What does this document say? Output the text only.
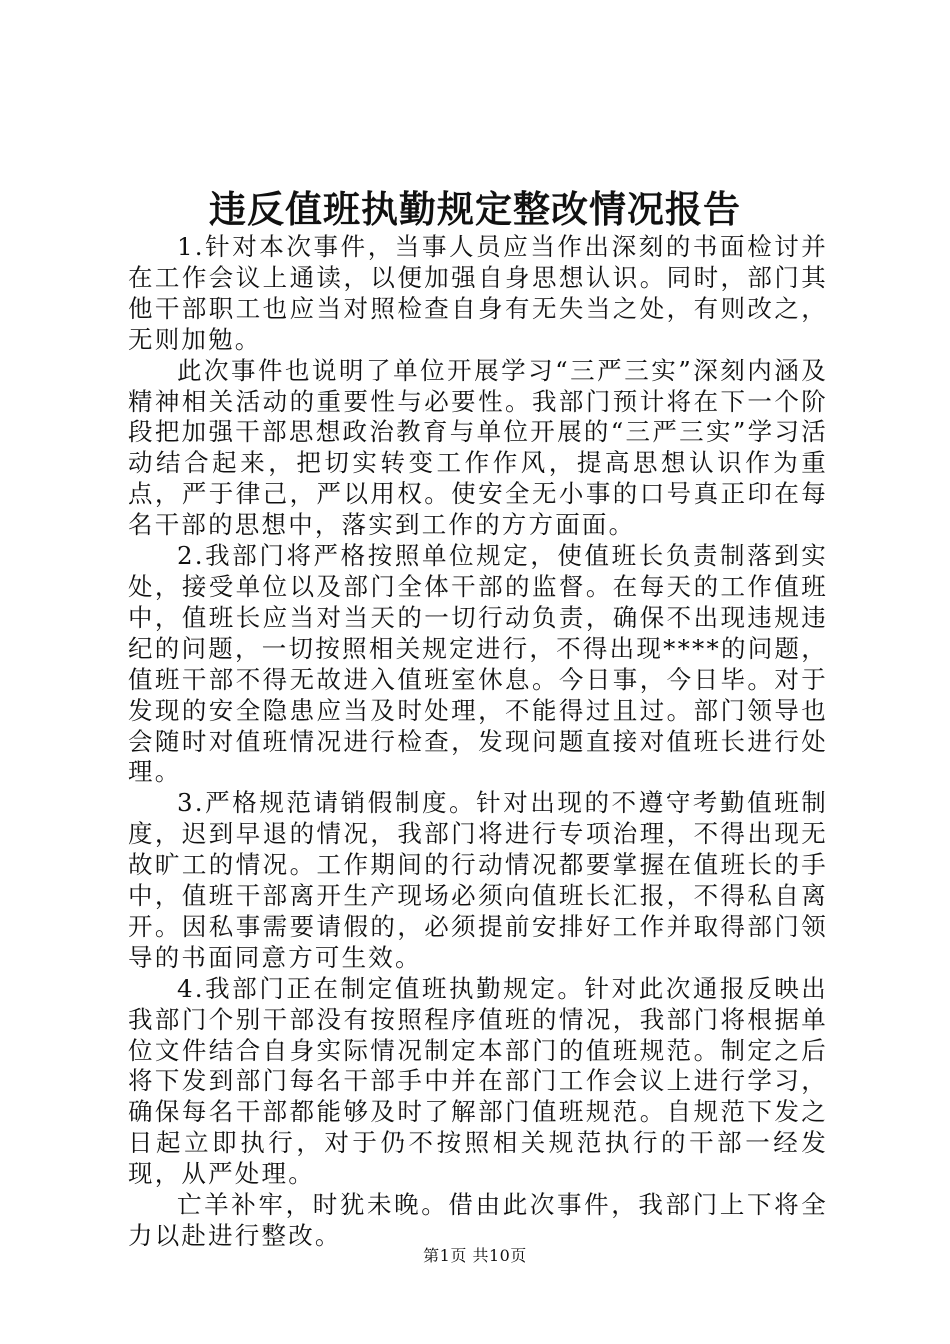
违反值班执勤规定整改情况报告

1.针对本次事件，当事人员应当作出深刻的书面检讨并在工作会议上通读，以便加强自身思想认识。同时，部门其他干部职工也应当对照检查自身有无失当之处，有则改之，无则加勉。

此次事件也说明了单位开展学习“三严三实”深刻内涵及精神相关活动的重要性与必要性。我部门预计将在下一个阶段把加强干部思想政治教育与单位开展的“三严三实”学习活动结合起来，把切实转变工作作风，提高思想认识作为重点，严于律己，严以用权。使安全无小事的口号真正印在每名干部的思想中，落实到工作的方方面面。

2.我部门将严格按照单位规定，使值班长负责制落到实处，接受单位以及部门全体干部的监督。在每天的工作值班中，值班长应当对当天的一切行动负责，确保不出现违规违纪的问题，一切按照相关规定进行，不得出现****的问题，值班干部不得无故进入值班室休息。今日事，今日毕。对于发现的安全隐患应当及时处理，不能得过且过。部门领导也会随时对值班情况进行检查，发现问题直接对值班长进行处理。

3.严格规范请销假制度。针对出现的不遵守考勤值班制度，迟到早退的情况，我部门将进行专项治理，不得出现无故旷工的情况。工作期间的行动情况都要掌握在值班长的手中，值班干部离开生产现场必须向值班长汇报，不得私自离开。因私事需要请假的，必须提前安排好工作并取得部门领导的书面同意方可生效。

4.我部门正在制定值班执勤规定。针对此次通报反映出我部门个别干部没有按照程序值班的情况，我部门将根据单位文件结合自身实际情况制定本部门的值班规范。制定之后将下发到部门每名干部手中并在部门工作会议上进行学习，确保每名干部都能够及时了解部门值班规范。自规范下发之日起立即执行，对于仍不按照相关规范执行的干部一经发现，从严处理。

亡羊补牢，时犹未晚。借由此次事件，我部门上下将全力以赴进行整改。

第1页 共10页
